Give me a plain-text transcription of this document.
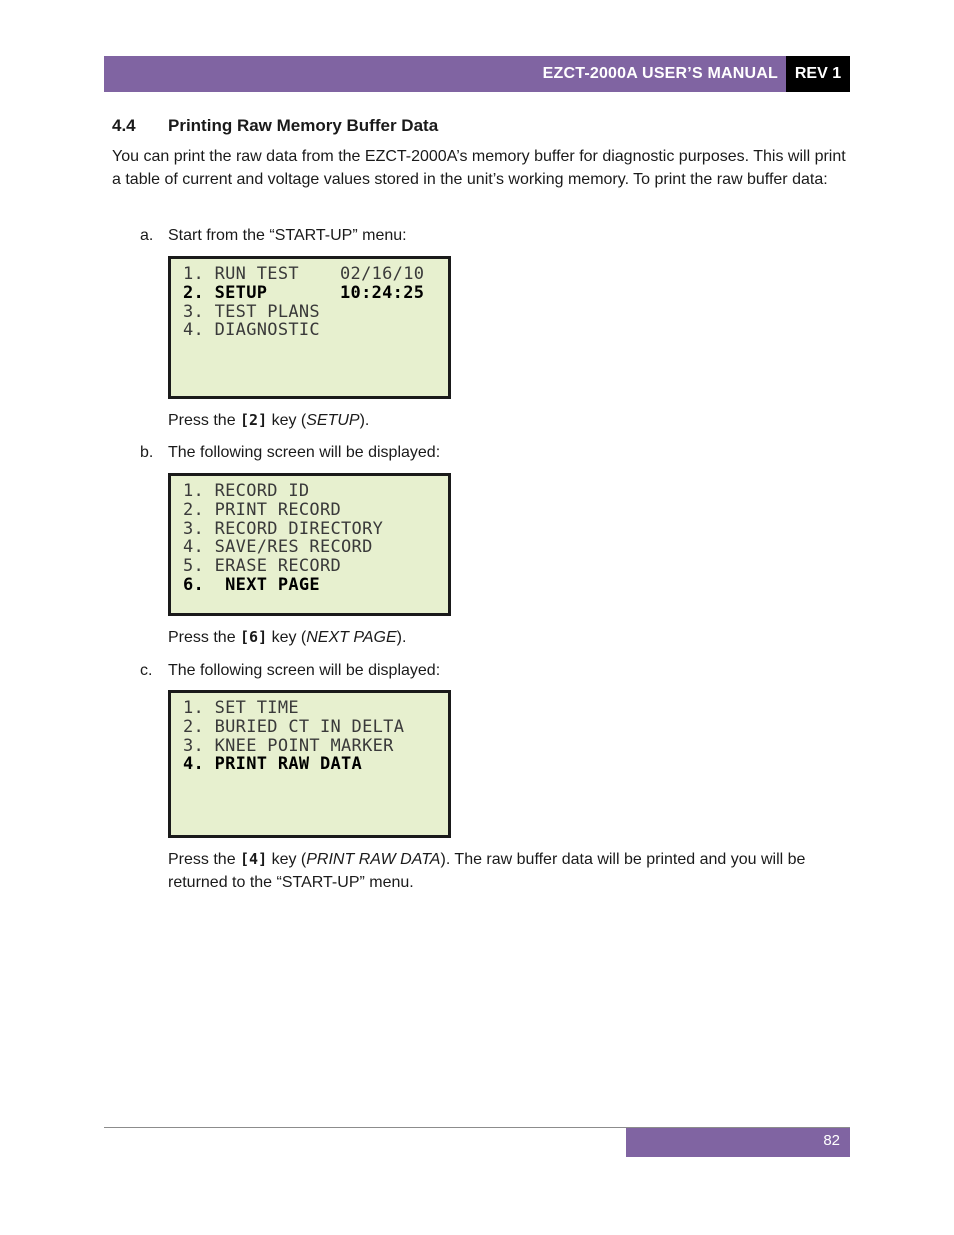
EZCT-2000A USER’S MANUAL	REV 1
4.4 Printing Raw Memory Buffer Data
You can print the raw data from the EZCT-2000A’s memory buffer for diagnostic purposes. This will print a table of current and voltage values stored in the unit’s working memory. To print the raw buffer data:
a. Start from the “START-UP” menu:
1. RUN TEST
2. SETUP
3. TEST PLANS
4. DIAGNOSTIC
02/16/10
10:24:25
Press the [2] key (SETUP).
b. The following screen will be displayed:
1. RECORD ID
2. PRINT RECORD
3. RECORD DIRECTORY
4. SAVE/RES RECORD
5. ERASE RECORD
6.  NEXT PAGE
Press the [6] key (NEXT PAGE).
c. The following screen will be displayed:
1. SET TIME
2. BURIED CT IN DELTA
3. KNEE POINT MARKER
4. PRINT RAW DATA
Press the [4] key (PRINT RAW DATA). The raw buffer data will be printed and you will be returned to the “START-UP” menu.
82
